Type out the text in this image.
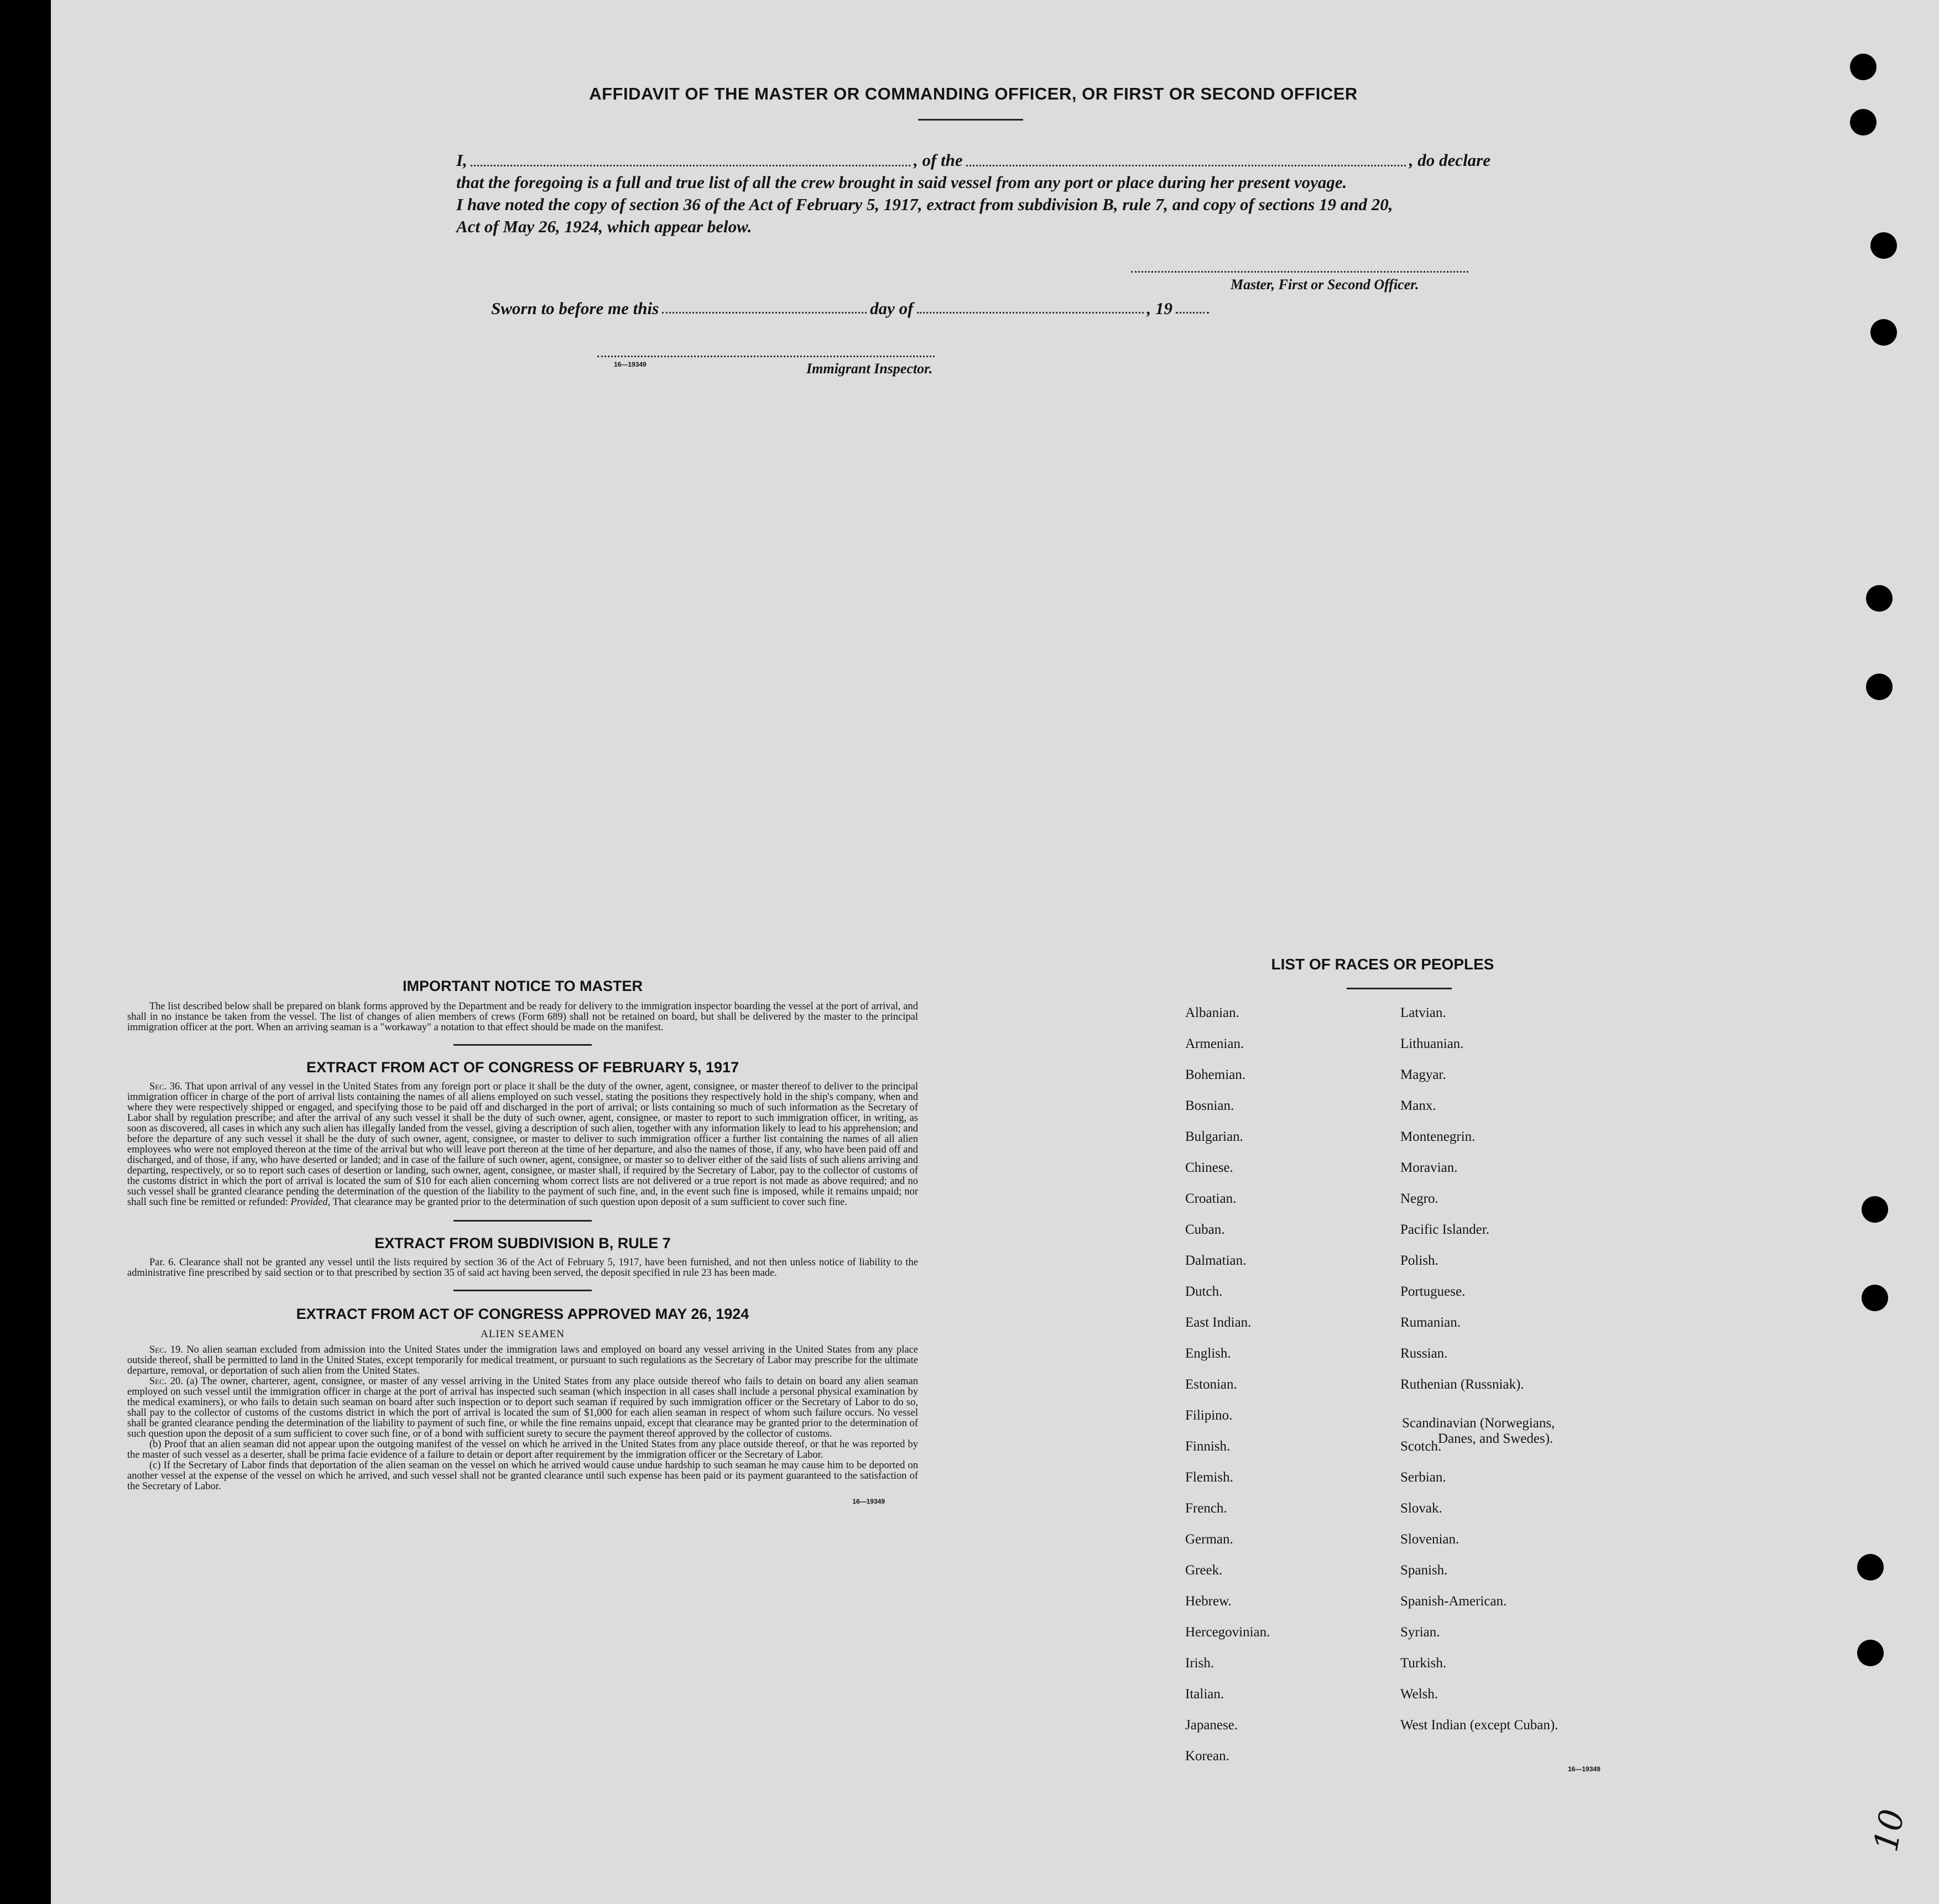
AFFIDAVIT OF THE MASTER OR COMMANDING OFFICER, OR FIRST OR SECOND OFFICER
I,	, of the	, do declare
that the foregoing is a full and true list of all the crew brought in said vessel from any port or place during her present voyage.
I have noted the copy of section 36 of the Act of February 5, 1917, extract from subdivision B, rule 7, and copy of sections 19 and 20,
Act of May 26, 1924, which appear below.
Master, First or Second Officer.
Sworn to before me this	day of	, 19
16—19349	Immigrant Inspector.
IMPORTANT NOTICE TO MASTER

The list described below shall be prepared on blank forms approved by the Department and be ready for delivery to the immigration inspector boarding the vessel at the port of arrival, and shall in no instance be taken from the vessel. The list of changes of alien members of crews (Form 689) shall not be retained on board, but shall be delivered by the master to the principal immigration officer at the port. When an arriving seaman is a "workaway" a notation to that effect should be made on the manifest.

EXTRACT FROM ACT OF CONGRESS OF FEBRUARY 5, 1917

Sec. 36. That upon arrival of any vessel in the United States from any foreign port or place it shall be the duty of the owner, agent, consignee, or master thereof to deliver to the principal immigration officer in charge of the port of arrival lists containing the names of all aliens employed on such vessel, stating the positions they respectively hold in the ship's company, when and where they were respectively shipped or engaged, and specifying those to be paid off and discharged in the port of arrival; or lists containing so much of such information as the Secretary of Labor shall by regulation prescribe; and after the arrival of any such vessel it shall be the duty of such owner, agent, consignee, or master to report to such immigration officer, in writing, as soon as discovered, all cases in which any such alien has illegally landed from the vessel, giving a description of such alien, together with any information likely to lead to his apprehension; and before the departure of any such vessel it shall be the duty of such owner, agent, consignee, or master to deliver to such immigration officer a further list containing the names of all alien employees who were not employed thereon at the time of the arrival but who will leave port thereon at the time of her departure, and also the names of those, if any, who have been paid off and discharged, and of those, if any, who have deserted or landed; and in case of the failure of such owner, agent, consignee, or master so to deliver either of the said lists of such aliens arriving and departing, respectively, or so to report such cases of desertion or landing, such owner, agent, consignee, or master shall, if required by the Secretary of Labor, pay to the collector of customs of the customs district in which the port of arrival is located the sum of $10 for each alien concerning whom correct lists are not delivered or a true report is not made as above required; and no such vessel shall be granted clearance pending the determination of the question of the liability to the payment of such fine, and, in the event such fine is imposed, while it remains unpaid; nor shall such fine be remitted or refunded: Provided, That clearance may be granted prior to the determination of such question upon deposit of a sum sufficient to cover such fine.

EXTRACT FROM SUBDIVISION B, RULE 7

Par. 6. Clearance shall not be granted any vessel until the lists required by section 36 of the Act of February 5, 1917, have been furnished, and not then unless notice of liability to the administrative fine prescribed by said section or to that prescribed by section 35 of said act having been served, the deposit specified in rule 23 has been made.

EXTRACT FROM ACT OF CONGRESS APPROVED MAY 26, 1924
ALIEN SEAMEN

Sec. 19. No alien seaman excluded from admission into the United States under the immigration laws and employed on board any vessel arriving in the United States from any place outside thereof, shall be permitted to land in the United States, except temporarily for medical treatment, or pursuant to such regulations as the Secretary of Labor may prescribe for the ultimate departure, removal, or deportation of such alien from the United States.

Sec. 20. (a) The owner, charterer, agent, consignee, or master of any vessel arriving in the United States from any place outside thereof who fails to detain on board any alien seaman employed on such vessel until the immigration officer in charge at the port of arrival has inspected such seaman (which inspection in all cases shall include a personal physical examination by the medical examiners), or who fails to detain such seaman on board after such inspection or to deport such seaman if required by such immigration officer or the Secretary of Labor to do so, shall pay to the collector of customs of the customs district in which the port of arrival is located the sum of $1,000 for each alien seaman in respect of whom such failure occurs. No vessel shall be granted clearance pending the determination of the liability to payment of such fine, or while the fine remains unpaid, except that clearance may be granted prior to the determination of such question upon the deposit of a sum sufficient to cover such fine, or of a bond with sufficient surety to secure the payment thereof approved by the collector of customs.

(b) Proof that an alien seaman did not appear upon the outgoing manifest of the vessel on which he arrived in the United States from any place outside thereof, or that he was reported by the master of such vessel as a deserter, shall be prima facie evidence of a failure to detain or deport after requirement by the immigration officer or the Secretary of Labor.

(c) If the Secretary of Labor finds that deportation of the alien seaman on the vessel on which he arrived would cause undue hardship to such seaman he may cause him to be deported on another vessel at the expense of the vessel on which he arrived, and such vessel shall not be granted clearance until such expense has been paid or its payment guaranteed to the satisfaction of the Secretary of Labor.

16—19349
LIST OF RACES OR PEOPLES
Albanian.
Armenian.
Bohemian.
Bosnian.
Bulgarian.
Chinese.
Croatian.
Cuban.
Dalmatian.
Dutch.
East Indian.
English.
Estonian.
Filipino.
Finnish.
Flemish.
French.
German.
Greek.
Hebrew.
Hercegovinian.
Irish.
Italian.
Japanese.
Korean.
Latvian.
Lithuanian.
Magyar.
Manx.
Montenegrin.
Moravian.
Negro.
Pacific Islander.
Polish.
Portuguese.
Rumanian.
Russian.
Ruthenian (Russniak).
Scandinavian (Norwegians,
Danes, and Swedes).
Scotch.
Serbian.
Slovak.
Slovenian.
Spanish.
Spanish-American.
Syrian.
Turkish.
Welsh.
West Indian (except Cuban).
16—19349
10
